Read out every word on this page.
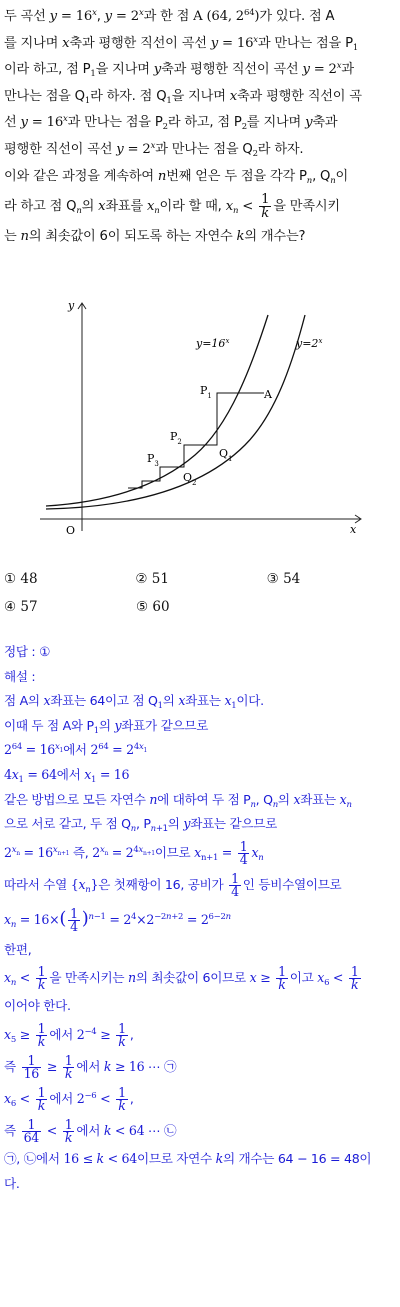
두 곡선 $y = 16^x$, $y = 2^x$과 한 점 A (64, $2^{64}$)가 있다. 점 A

를 지나며 x축과 평행한 직선이 곡선 $y = 16^x$과 만나는 점을 $P_1$

이라 하고, 점 $P_1$을 지나며 y축과 평행한 직선이 곡선 $y = 2^x$과

만나는 점을 $Q_1$라 하자. 점 $Q_1$을 지나며 x축과 평행한 직선이 곡

선 $y = 16^x$과 만나는 점을 $P_2$라 하고, 점 $P_2$를 지나며 y축과

평행한 직선이 곡선 $y = 2^x$과 만나는 점을 $Q_2$라 하자.

이와 같은 과정을 계속하여 n번째 얻은 두 점을 각각 $P_n$, $Q_n$이

라 하고 점 $Q_n$의 x좌표를 $x_n$이라 할 때, $x_n < \frac{1}{k}$ 을 만족시키

는 n의 최솟값이 6이 되도록 하는 자연수 k의 개수는?

y
x
O
$y=16^x$	$y=2^x$
A
$P_1$
$P_2$
$P_3$
$Q_1$
$Q_2$
① 48	② 51	③ 54
④ 57	⑤ 60

정답 : ①

해설 :

점 A의 x좌표는 64이고 점 $Q_1$의 x좌표는 $x_1$이다.

이때 두 점 A와 $P_1$의 y좌표가 같으므로

$2^{64} = 16^{x_1}$에서 $2^{64} = 2^{4x_1}$

$4x_1 = 64$에서 $x_1 = 16$

같은 방법으로 모든 자연수 n에 대하여 두 점 $P_n$, $Q_n$의 x좌표는 $x_n$

으로 서로 같고, 두 점 $Q_n$, $P_{n+1}$의 y좌표는 같으므로

$2^{x_n} = 16^{x_{n+1}}$ 즉, $2^{x_n} = 2^{4x_{n+1}}$이므로 $x_{n+1} = \frac{1}{4} x_n$

따라서 수열 $\{x_n\}$은 첫째항이 16, 공비가 $\frac{1}{4}$ 인 등비수열이므로

$x_n = 16\times( \frac{1}{4} )^{n-1} = 2^4\times 2^{-2n+2} = 2^{6-2n}$

한편,

$x_n < \frac{1}{k}$ 을 만족시키는 n의 최솟값이 6이므로 $x \ge \frac{1}{k}$ 이고 $x_6 < \frac{1}{k}$

이어야 한다.

$x_5 \ge \frac{1}{k}$ 에서 $2^{-4} \ge \frac{1}{k}$ ,

즉 $\frac{1}{16} \ge \frac{1}{k}$ 에서 k ≥ 16 ⋯ ㉠

$x_6 < \frac{1}{k}$ 에서 $2^{-6} < \frac{1}{k}$ ,

즉 $\frac{1}{64} < \frac{1}{k}$ 에서 k < 64 ⋯ ㉡

㉠, ㉡에서 16 ≤ k < 64이므로 자연수 k의 개수는 64 − 16 = 48이

다.
